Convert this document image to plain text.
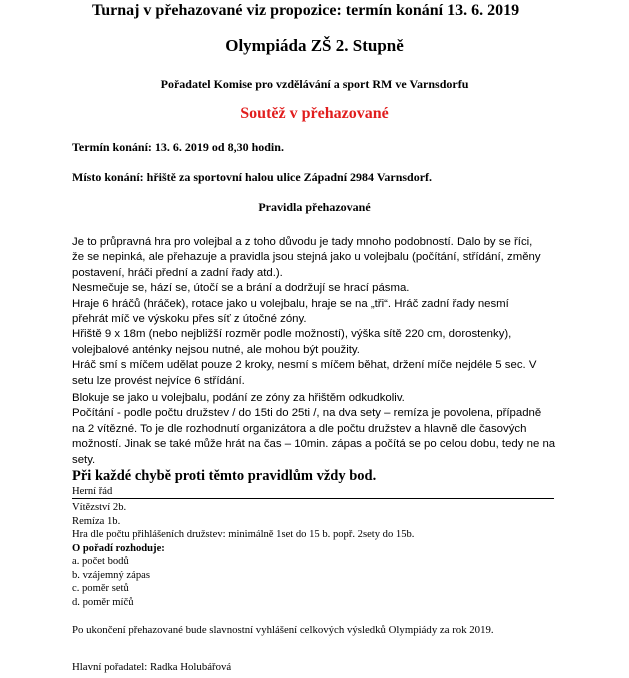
Turnaj v přehazované viz propozice: termín konání 13. 6. 2019
Olympiáda ZŠ 2. Stupně
Pořadatel Komise pro vzdělávání a sport RM ve Varnsdorfu
Soutěž v přehazované
Termín konání: 13. 6. 2019 od 8,30 hodin.
Místo konání: hřiště za sportovní halou ulice Západní 2984 Varnsdorf.
Pravidla přehazované
Je to průpravná hra pro volejbal a z toho důvodu je tady mnoho podobností. Dalo by se říci,
že se nepinká, ale přehazuje a pravidla jsou stejná jako u volejbalu (počítání, střídání, změny
postavení, hráči přední a zadní řady atd.).
Nesmečuje se, hází se, útočí se a brání a dodržují se hrací pásma.
Hraje 6 hráčů (hráček), rotace jako u volejbalu, hraje se na „tři“. Hráč zadní řady nesmí
přehrát míč ve výskoku přes síť z útočné zóny.
Hřiště 9 x 18m (nebo nejbližší rozměr podle možností), výška sítě 220 cm, dorostenky),
volejbalové anténky nejsou nutné, ale mohou být použity.
Hráč smí s míčem udělat pouze 2 kroky, nesmí s míčem běhat, držení míče nejdéle 5 sec. V
setu lze provést nejvíce 6 střídání.
Blokuje se jako u volejbalu, podání ze zóny za hřištěm odkudkoliv.
Počítání - podle počtu družstev / do 15ti do 25ti /, na dva sety – remíza je povolena, případně
na 2 vítězné. To je dle rozhodnutí organizátora a dle počtu družstev a hlavně dle časových
možností. Jinak se také může hrát na čas – 10min. zápas a počítá se po celou dobu, tedy ne na
sety.
Při každé chybě proti těmto pravidlům vždy bod.
Herní řád
Vítězství 2b.
Remíza 1b.
Hra dle počtu přihlášeních družstev: minimálně 1set do 15 b. popř. 2sety do 15b.
O pořadí rozhoduje:
a. počet bodů
b. vzájemný zápas
c. poměr setů
d. poměr míčů
Po ukončení přehazované bude slavnostní vyhlášení celkových výsledků Olympiády za rok 2019.
Hlavní pořadatel: Radka Holubářová
